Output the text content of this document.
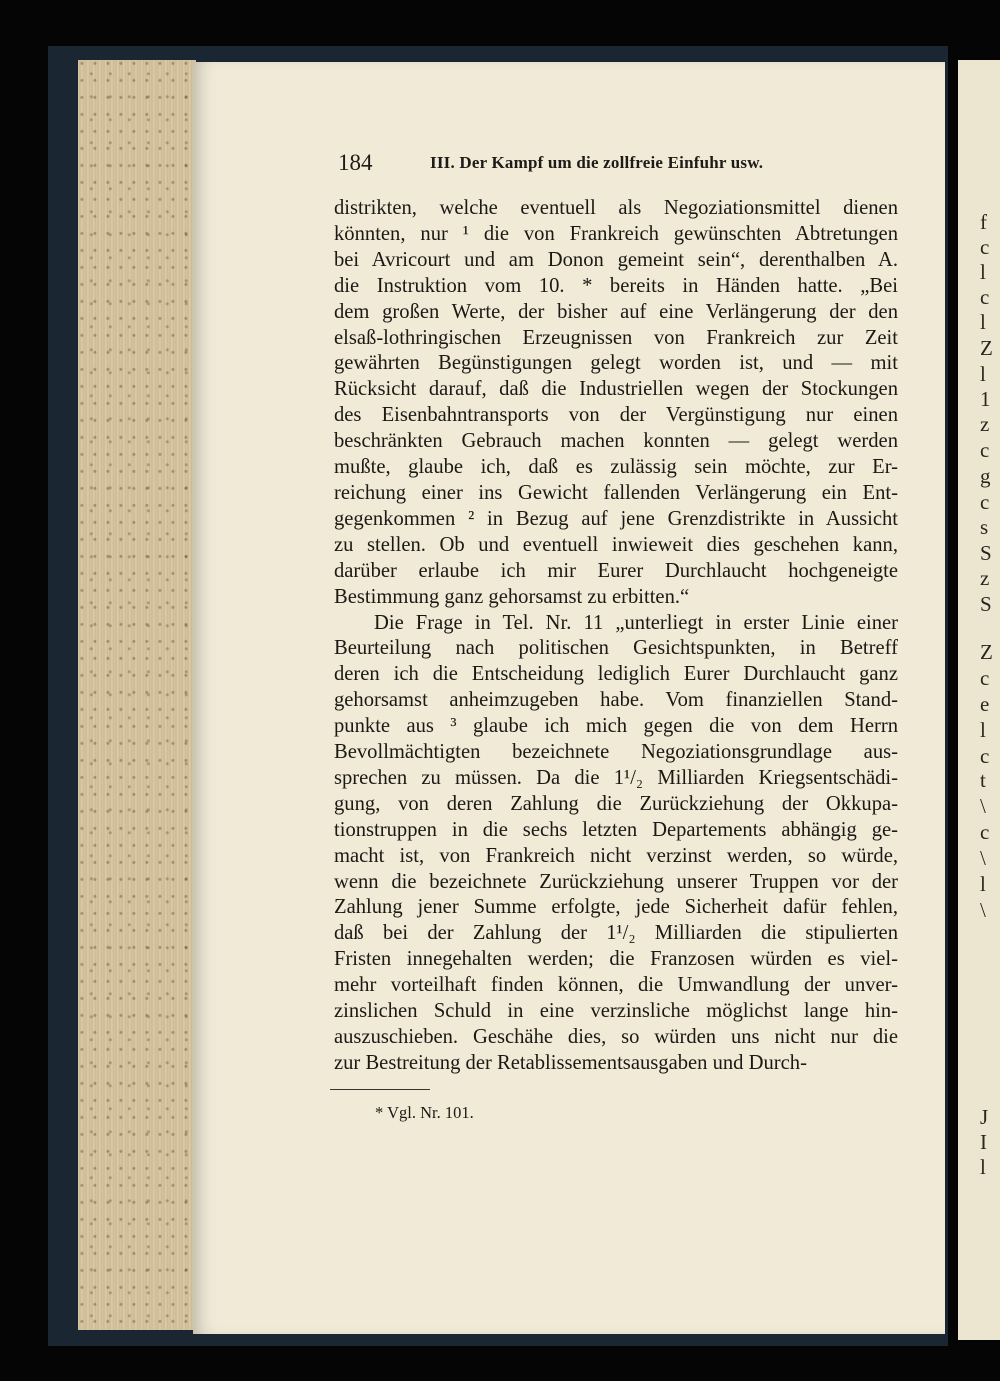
f
c
l
c
l
Z
l
1
z
c
g
c
s
S
z
S
Z
c
e
l
c
t
\
c
\
l
\
J
I
l
184	III. Der Kampf um die zollfreie Einfuhr usw.
distrikten, welche eventuell als Negoziationsmittel dienen
könnten, nur ¹ die von Frankreich gewünschten Abtretungen
bei Avricourt und am Donon gemeint sein“, derenthalben A.
die Instruktion vom 10. * bereits in Händen hatte. „Bei
dem großen Werte, der bisher auf eine Verlängerung der den
elsaß-lothringischen Erzeugnissen von Frankreich zur Zeit
gewährten Begünstigungen gelegt worden ist, und — mit
Rücksicht darauf, daß die Industriellen wegen der Stockungen
des Eisenbahntransports von der Vergünstigung nur einen
beschränkten Gebrauch machen konnten — gelegt werden
mußte, glaube ich, daß es zulässig sein möchte, zur Er-
reichung einer ins Gewicht fallenden Verlängerung ein Ent-
gegenkommen ² in Bezug auf jene Grenzdistrikte in Aussicht
zu stellen. Ob und eventuell inwieweit dies geschehen kann,
darüber erlaube ich mir Eurer Durchlaucht hochgeneigte
Bestimmung ganz gehorsamst zu erbitten.“
Die Frage in Tel. Nr. 11 „unterliegt in erster Linie einer
Beurteilung nach politischen Gesichtspunkten, in Betreff
deren ich die Entscheidung lediglich Eurer Durchlaucht ganz
gehorsamst anheimzugeben habe. Vom finanziellen Stand-
punkte aus ³ glaube ich mich gegen die von dem Herrn
Bevollmächtigten bezeichnete Negoziationsgrundlage aus-
sprechen zu müssen. Da die 1¹/₂ Milliarden Kriegsentschädi-
gung, von deren Zahlung die Zurückziehung der Okkupa-
tionstruppen in die sechs letzten Departements abhängig ge-
macht ist, von Frankreich nicht verzinst werden, so würde,
wenn die bezeichnete Zurückziehung unserer Truppen vor der
Zahlung jener Summe erfolgte, jede Sicherheit dafür fehlen,
daß bei der Zahlung der 1¹/₂ Milliarden die stipulierten
Fristen innegehalten werden; die Franzosen würden es viel-
mehr vorteilhaft finden können, die Umwandlung der unver-
zinslichen Schuld in eine verzinsliche möglichst lange hin-
auszuschieben. Geschähe dies, so würden uns nicht nur die
zur Bestreitung der Retablissementsausgaben und Durch-
* Vgl. Nr. 101.
